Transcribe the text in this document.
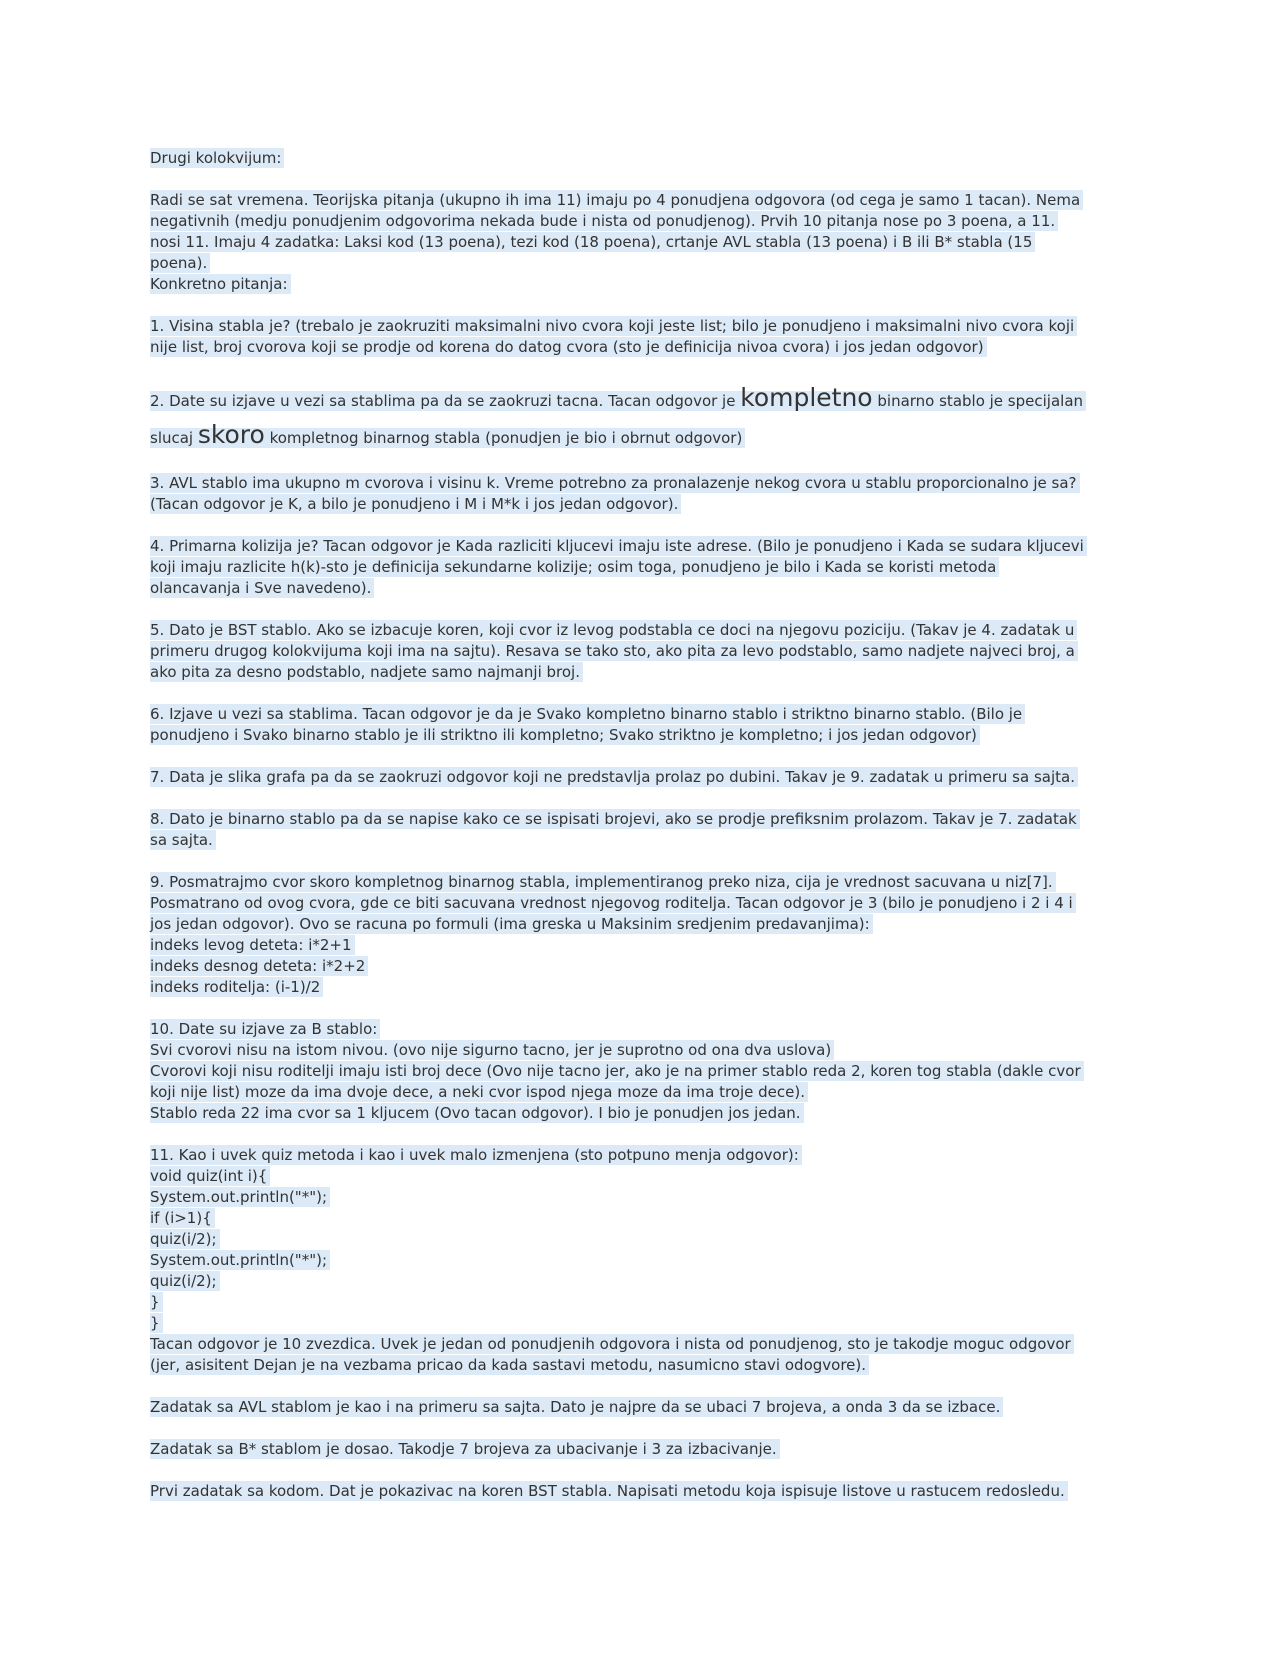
Drugi kolokvijum:

Radi se sat vremena. Teorijska pitanja (ukupno ih ima 11) imaju po 4 ponudjena odgovora (od cega je samo 1 tacan). Nema
negativnih (medju ponudjenim odgovorima nekada bude i nista od ponudjenog). Prvih 10 pitanja nose po 3 poena, a 11.
nosi 11. Imaju 4 zadatka: Laksi kod (13 poena), tezi kod (18 poena), crtanje AVL stabla (13 poena) i B ili B* stabla (15
poena).
Konkretno pitanja:

1. Visina stabla je? (trebalo je zaokruziti maksimalni nivo cvora koji jeste list; bilo je ponudjeno i maksimalni nivo cvora koji
nije list, broj cvorova koji se prodje od korena do datog cvora (sto je definicija nivoa cvora) i jos jedan odgovor)

2. Date su izjave u vezi sa stablima pa da se zaokruzi tacna. Tacan odgovor je kompletno binarno stablo je specijalan
slucaj skoro kompletnog binarnog stabla (ponudjen je bio i obrnut odgovor)

3. AVL stablo ima ukupno m cvorova i visinu k. Vreme potrebno za pronalazenje nekog cvora u stablu proporcionalno je sa?
(Tacan odgovor je K, a bilo je ponudjeno i M i M*k i jos jedan odgovor).

4. Primarna kolizija je? Tacan odgovor je Kada razliciti kljucevi imaju iste adrese. (Bilo je ponudjeno i Kada se sudara kljucevi
koji imaju razlicite h(k)-sto je definicija sekundarne kolizije; osim toga, ponudjeno je bilo i Kada se koristi metoda
olancavanja i Sve navedeno).

5. Dato je BST stablo. Ako se izbacuje koren, koji cvor iz levog podstabla ce doci na njegovu poziciju. (Takav je 4. zadatak u
primeru drugog kolokvijuma koji ima na sajtu). Resava se tako sto, ako pita za levo podstablo, samo nadjete najveci broj, a
ako pita za desno podstablo, nadjete samo najmanji broj.

6. Izjave u vezi sa stablima. Tacan odgovor je da je Svako kompletno binarno stablo i striktno binarno stablo. (Bilo je
ponudjeno i Svako binarno stablo je ili striktno ili kompletno; Svako striktno je kompletno; i jos jedan odgovor)

7. Data je slika grafa pa da se zaokruzi odgovor koji ne predstavlja prolaz po dubini. Takav je 9. zadatak u primeru sa sajta.

8. Dato je binarno stablo pa da se napise kako ce se ispisati brojevi, ako se prodje prefiksnim prolazom. Takav je 7. zadatak
sa sajta.

9. Posmatrajmo cvor skoro kompletnog binarnog stabla, implementiranog preko niza, cija je vrednost sacuvana u niz[7].
Posmatrano od ovog cvora, gde ce biti sacuvana vrednost njegovog roditelja. Tacan odgovor je 3 (bilo je ponudjeno i 2 i 4 i
jos jedan odgovor). Ovo se racuna po formuli (ima greska u Maksinim sredjenim predavanjima):
indeks levog deteta: i*2+1
indeks desnog deteta: i*2+2
indeks roditelja: (i-1)/2

10. Date su izjave za B stablo:
Svi cvorovi nisu na istom nivou. (ovo nije sigurno tacno, jer je suprotno od ona dva uslova)
Cvorovi koji nisu roditelji imaju isti broj dece (Ovo nije tacno jer, ako je na primer stablo reda 2, koren tog stabla (dakle cvor
koji nije list) moze da ima dvoje dece, a neki cvor ispod njega moze da ima troje dece).
Stablo reda 22 ima cvor sa 1 kljucem (Ovo tacan odgovor). I bio je ponudjen jos jedan.

11. Kao i uvek quiz metoda i kao i uvek malo izmenjena (sto potpuno menja odgovor):
void quiz(int i){
System.out.println("*");
if (i>1){
quiz(i/2);
System.out.println("*");
quiz(i/2);
}
}
Tacan odgovor je 10 zvezdica. Uvek je jedan od ponudjenih odgovora i nista od ponudjenog, sto je takodje moguc odgovor
(jer, asisitent Dejan je na vezbama pricao da kada sastavi metodu, nasumicno stavi odogvore).

Zadatak sa AVL stablom je kao i na primeru sa sajta. Dato je najpre da se ubaci 7 brojeva, a onda 3 da se izbace.

Zadatak sa B* stablom je dosao. Takodje 7 brojeva za ubacivanje i 3 za izbacivanje.

Prvi zadatak sa kodom. Dat je pokazivac na koren BST stabla. Napisati metodu koja ispisuje listove u rastucem redosledu.
